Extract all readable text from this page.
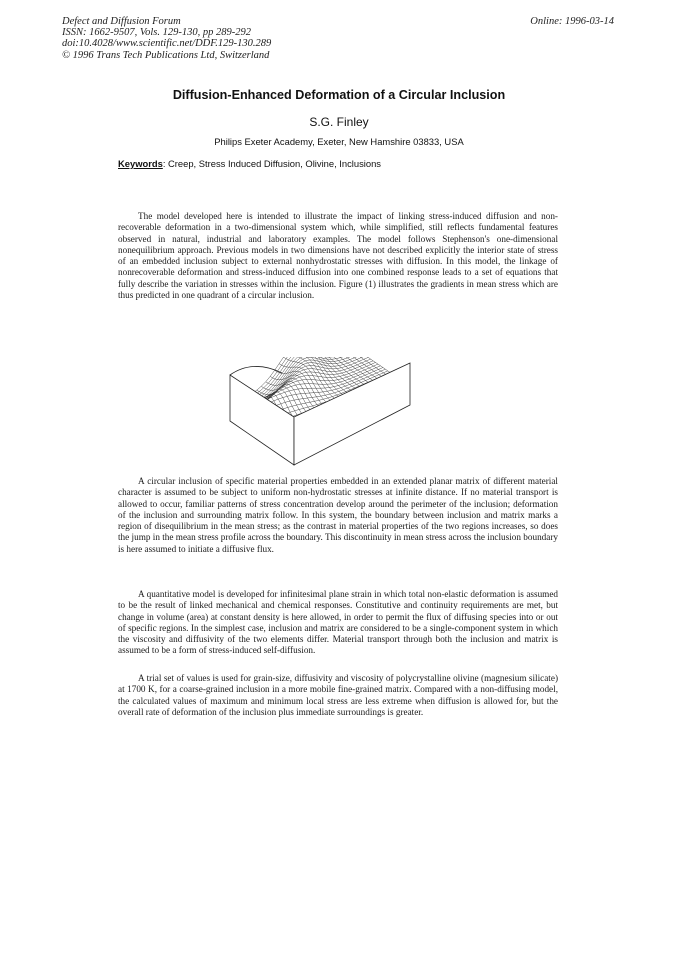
Defect and Diffusion Forum
ISSN: 1662-9507, Vols. 129-130, pp 289-292
doi:10.4028/www.scientific.net/DDF.129-130.289
© 1996 Trans Tech Publications Ltd, Switzerland
Online: 1996-03-14
Diffusion-Enhanced Deformation of a Circular Inclusion
S.G. Finley
Philips Exeter Academy, Exeter, New Hamshire 03833, USA
Keywords: Creep, Stress Induced Diffusion, Olivine, Inclusions

The model developed here is intended to illustrate the impact of linking stress-induced diffusion and non-recoverable deformation in a two-dimensional system which, while simplified, still reflects fundamental features observed in natural, industrial and laboratory examples. The model follows Stephenson's one-dimensional nonequilibrium approach. Previous models in two dimensions have not described explicitly the interior state of stress of an embedded inclusion subject to external nonhydrostatic stresses with diffusion. In this model, the linkage of nonrecoverable deformation and stress-induced diffusion into one combined response leads to a set of equations that fully describe the variation in stresses within the inclusion. Figure (1) illustrates the gradients in mean stress which are thus predicted in one quadrant of a circular inclusion.

A circular inclusion of specific material properties embedded in an extended planar matrix of different material character is assumed to be subject to uniform non-hydrostatic stresses at infinite distance. If no material transport is allowed to occur, familiar patterns of stress concentration develop around the perimeter of the inclusion; deformation of the inclusion and surrounding matrix follow. In this system, the boundary between inclusion and matrix marks a region of disequilibrium in the mean stress; as the contrast in material properties of the two regions increases, so does the jump in the mean stress profile across the boundary. This discontinuity in mean stress across the inclusion boundary is here assumed to initiate a diffusive flux.

A quantitative model is developed for infinitesimal plane strain in which total non-elastic deformation is assumed to be the result of linked mechanical and chemical responses. Constitutive and continuity requirements are met, but change in volume (area) at constant density is here allowed, in order to permit the flux of diffusing species into or out of specific regions. In the simplest case, inclusion and matrix are considered to be a single-component system in which the viscosity and diffusivity of the two elements differ. Material transport through both the inclusion and matrix is assumed to be a form of stress-induced self-diffusion.

A trial set of values is used for grain-size, diffusivity and viscosity of polycrystalline olivine (magnesium silicate) at 1700 K, for a coarse-grained inclusion in a more mobile fine-grained matrix. Compared with a non-diffusing model, the calculated values of maximum and minimum local stress are less extreme when diffusion is allowed for, but the overall rate of deformation of the inclusion plus immediate surroundings is greater.
